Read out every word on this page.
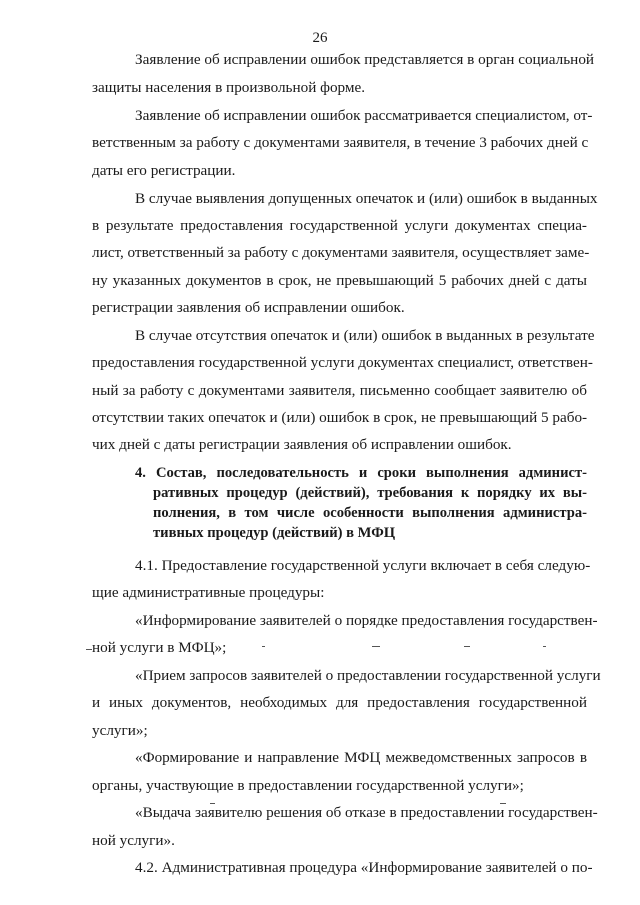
26
Заявление об исправлении ошибок представляется в орган социальной
защиты населения в произвольной форме.
Заявление об исправлении ошибок рассматривается специалистом, от-
ветственным за работу с документами заявителя, в течение 3 рабочих дней с
даты его регистрации.
В случае выявления допущенных опечаток и (или) ошибок в выданных
в результате предоставления государственной услуги документах специа-
лист, ответственный за работу с документами заявителя, осуществляет заме-
ну указанных документов в срок, не превышающий 5 рабочих дней с даты
регистрации заявления об исправлении ошибок.
В случае отсутствия опечаток и (или) ошибок в выданных в результате
предоставления государственной услуги документах специалист, ответствен-
ный за работу с документами заявителя, письменно сообщает заявителю об
отсутствии таких опечаток и (или) ошибок в срок, не превышающий 5 рабо-
чих дней с даты регистрации заявления об исправлении ошибок.
4. Состав, последовательность и сроки выполнения админист-
ративных процедур (действий), требования к порядку их вы-
полнения, в том числе особенности выполнения администра-
тивных процедур (действий) в МФЦ
4.1. Предоставление государственной услуги включает в себя следую-
щие административные процедуры:
«Информирование заявителей о порядке предоставления государствен-
ной услуги в МФЦ»;
«Прием запросов заявителей о предоставлении государственной услуги
и иных документов, необходимых для предоставления государственной
услуги»;
«Формирование и направление МФЦ межведомственных запросов в
органы, участвующие в предоставлении государственной услуги»;
«Выдача заявителю решения об отказе в предоставлении государствен-
ной услуги».
4.2. Административная процедура «Информирование заявителей о по-
